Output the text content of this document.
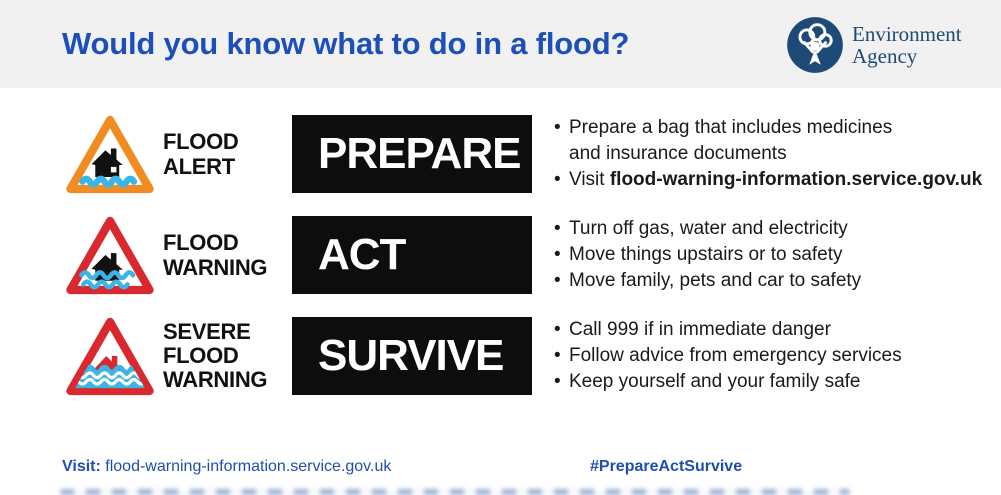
Would you know what to do in a flood?	Environment
Agency
FLOOD
ALERT	PREPARE
• Prepare a bag that includes medicines
and insurance documents
• Visit flood-warning-information.service.gov.uk
FLOOD
WARNING	ACT
• Turn off gas, water and electricity
• Move things upstairs or to safety
• Move family, pets and car to safety
SEVERE
FLOOD
WARNING	SURVIVE
• Call 999 if in immediate danger
• Follow advice from emergency services
• Keep yourself and your family safe
Visit: flood-warning-information.service.gov.uk	#PrepareActSurvive
